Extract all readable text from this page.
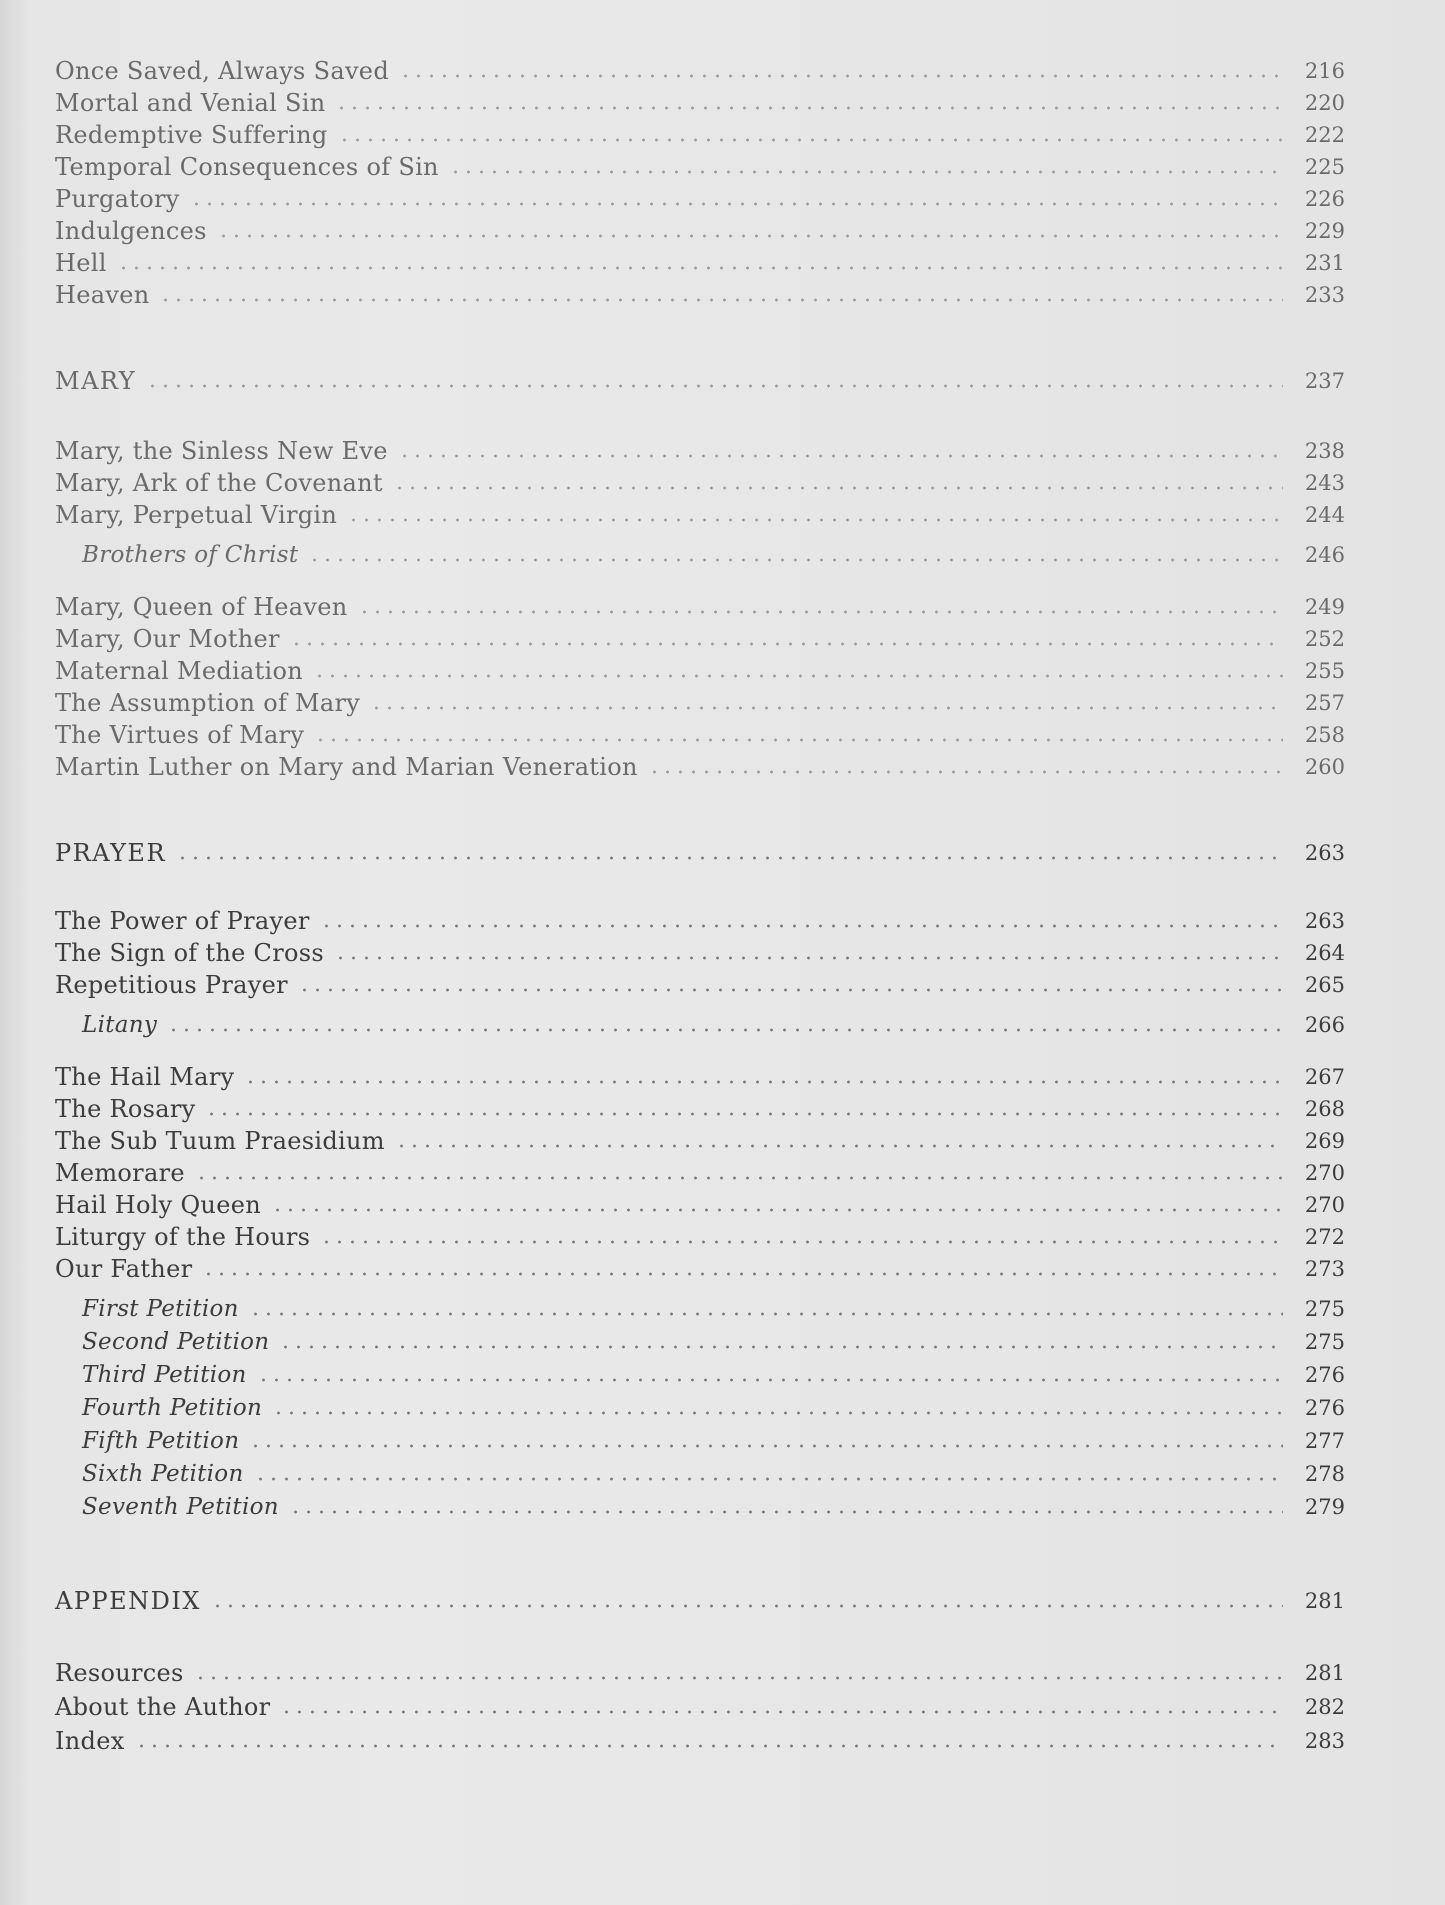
Once Saved, Always Saved	216
Mortal and Venial Sin	220
Redemptive Suffering	222
Temporal Consequences of Sin	225
Purgatory	226
Indulgences	229
Hell	231
Heaven	233
MARY	237
Mary, the Sinless New Eve	238
Mary, Ark of the Covenant	243
Mary, Perpetual Virgin	244
Brothers of Christ	246
Mary, Queen of Heaven	249
Mary, Our Mother	252
Maternal Mediation	255
The Assumption of Mary	257
The Virtues of Mary	258
Martin Luther on Mary and Marian Veneration	260
PRAYER	263
The Power of Prayer	263
The Sign of the Cross	264
Repetitious Prayer	265
Litany	266
The Hail Mary	267
The Rosary	268
The Sub Tuum Praesidium	269
Memorare	270
Hail Holy Queen	270
Liturgy of the Hours	272
Our Father	273
First Petition	275
Second Petition	275
Third Petition	276
Fourth Petition	276
Fifth Petition	277
Sixth Petition	278
Seventh Petition	279
APPENDIX	281
Resources	281
About the Author	282
Index	283
